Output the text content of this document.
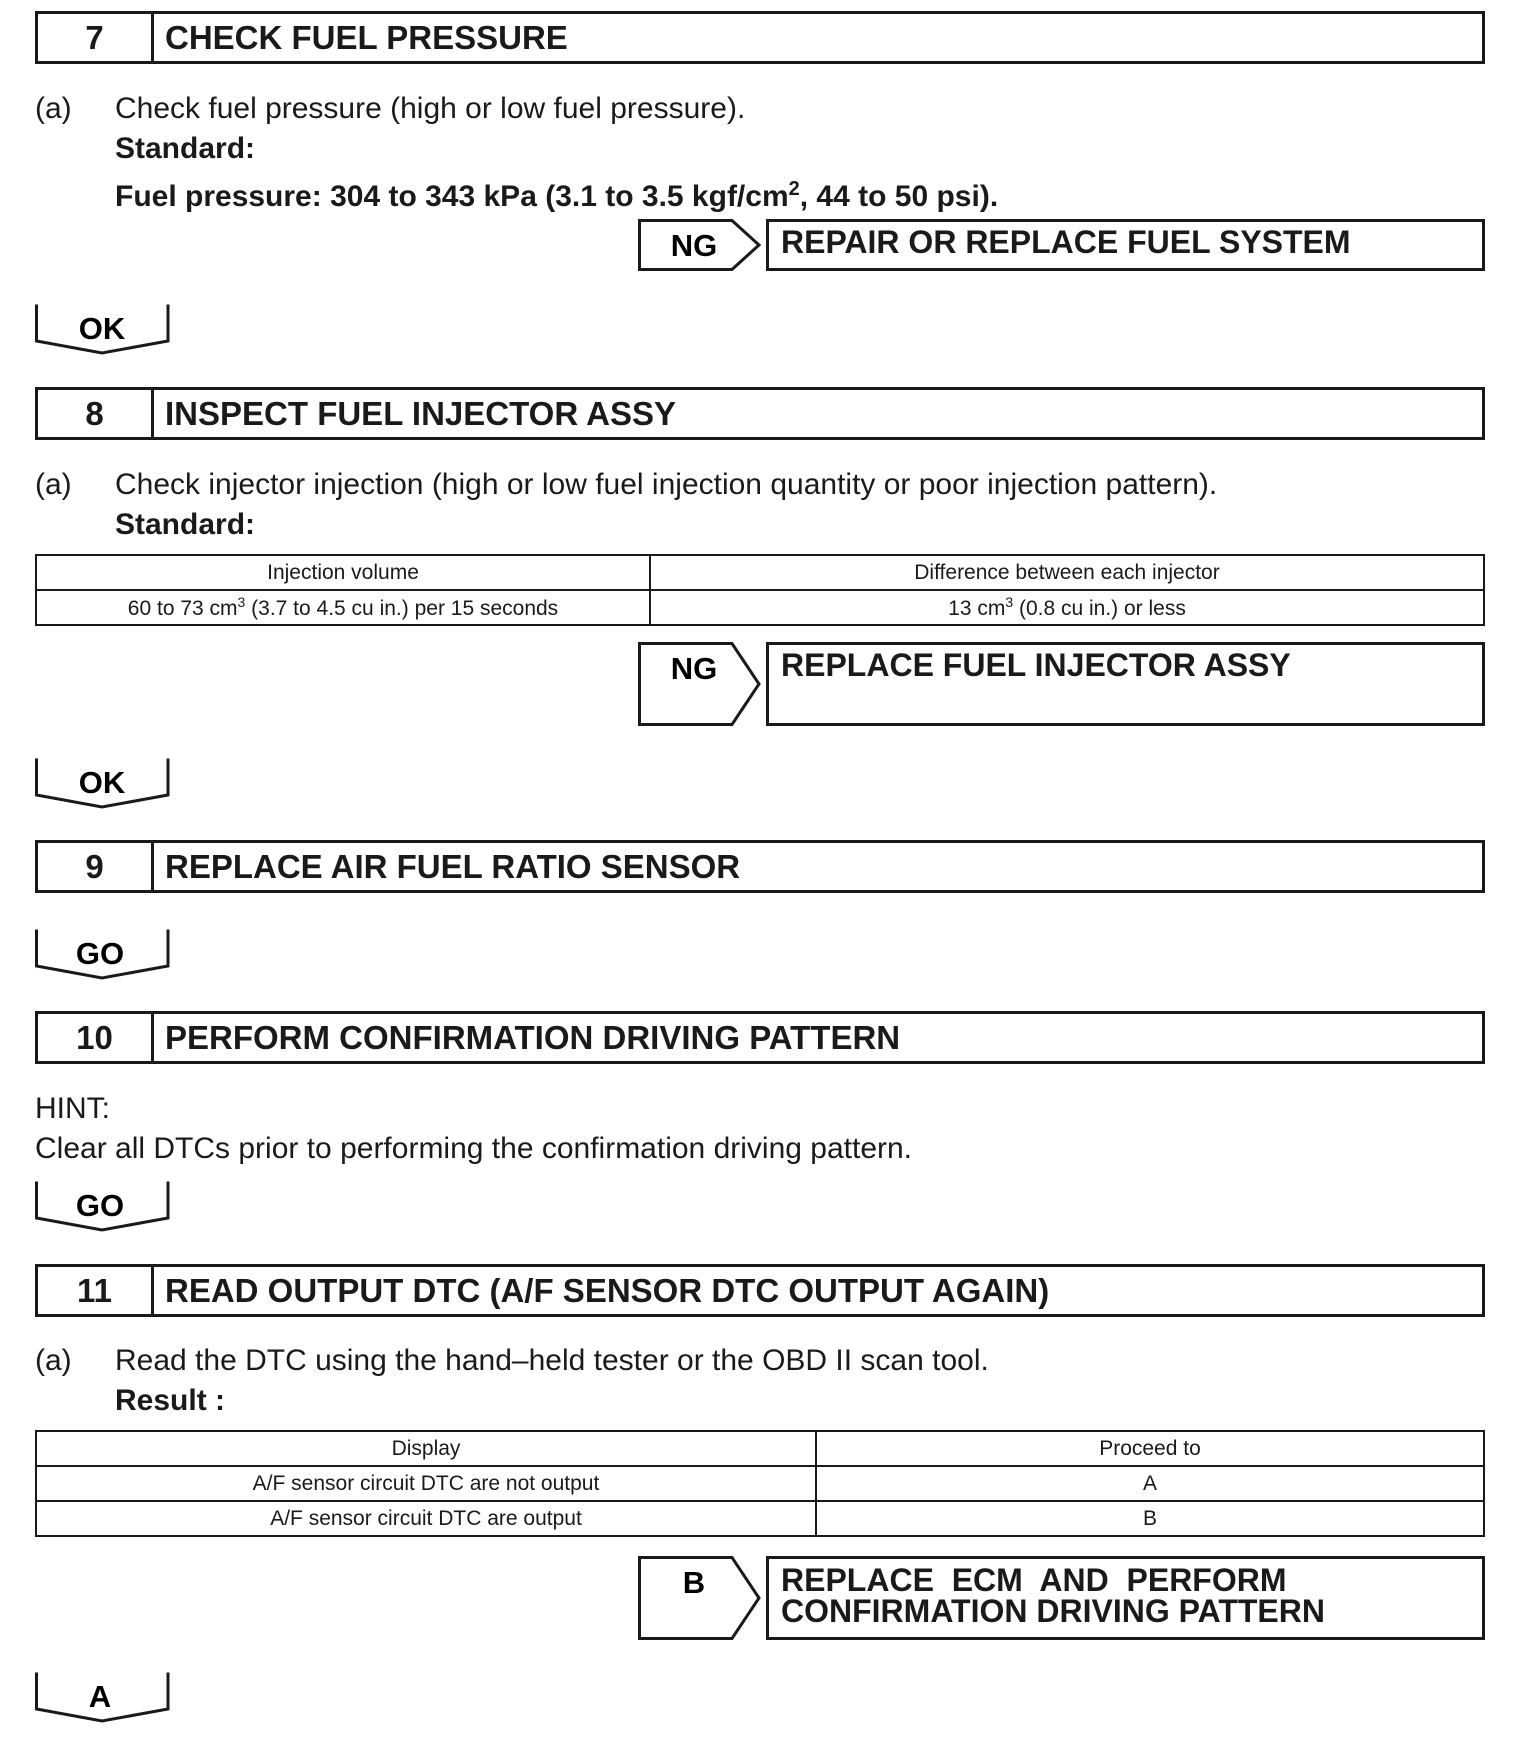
7	CHECK FUEL PRESSURE
(a) Check fuel pressure (high or low fuel pressure).
Standard:
Fuel pressure: 304 to 343 kPa (3.1 to 3.5 kgf/$cm^2$, 44 to 50 psi).
NG	REPAIR OR REPLACE FUEL SYSTEM
OK
8	INSPECT FUEL INJECTOR ASSY
(a) Check injector injection (high or low fuel injection quantity or poor injection pattern).
Standard:
Injection volume	Difference between each injector
60 to 73 $cm^3$ (3.7 to 4.5 cu in.) per 15 seconds	13 $cm^3$ (0.8 cu in.) or less
NG	REPLACE FUEL INJECTOR ASSY
OK
9	REPLACE AIR FUEL RATIO SENSOR
GO
10	PERFORM CONFIRMATION DRIVING PATTERN
HINT:
Clear all DTCs prior to performing the confirmation driving pattern.
GO
11	READ OUTPUT DTC (A/F SENSOR DTC OUTPUT AGAIN)
(a) Read the DTC using the hand–held tester or the OBD II scan tool.
Result :
Display	Proceed to
A/F sensor circuit DTC are not output	A
A/F sensor circuit DTC are output	B
B REPLACE  ECM  AND  PERFORM
CONFIRMATION DRIVING PATTERN
A
